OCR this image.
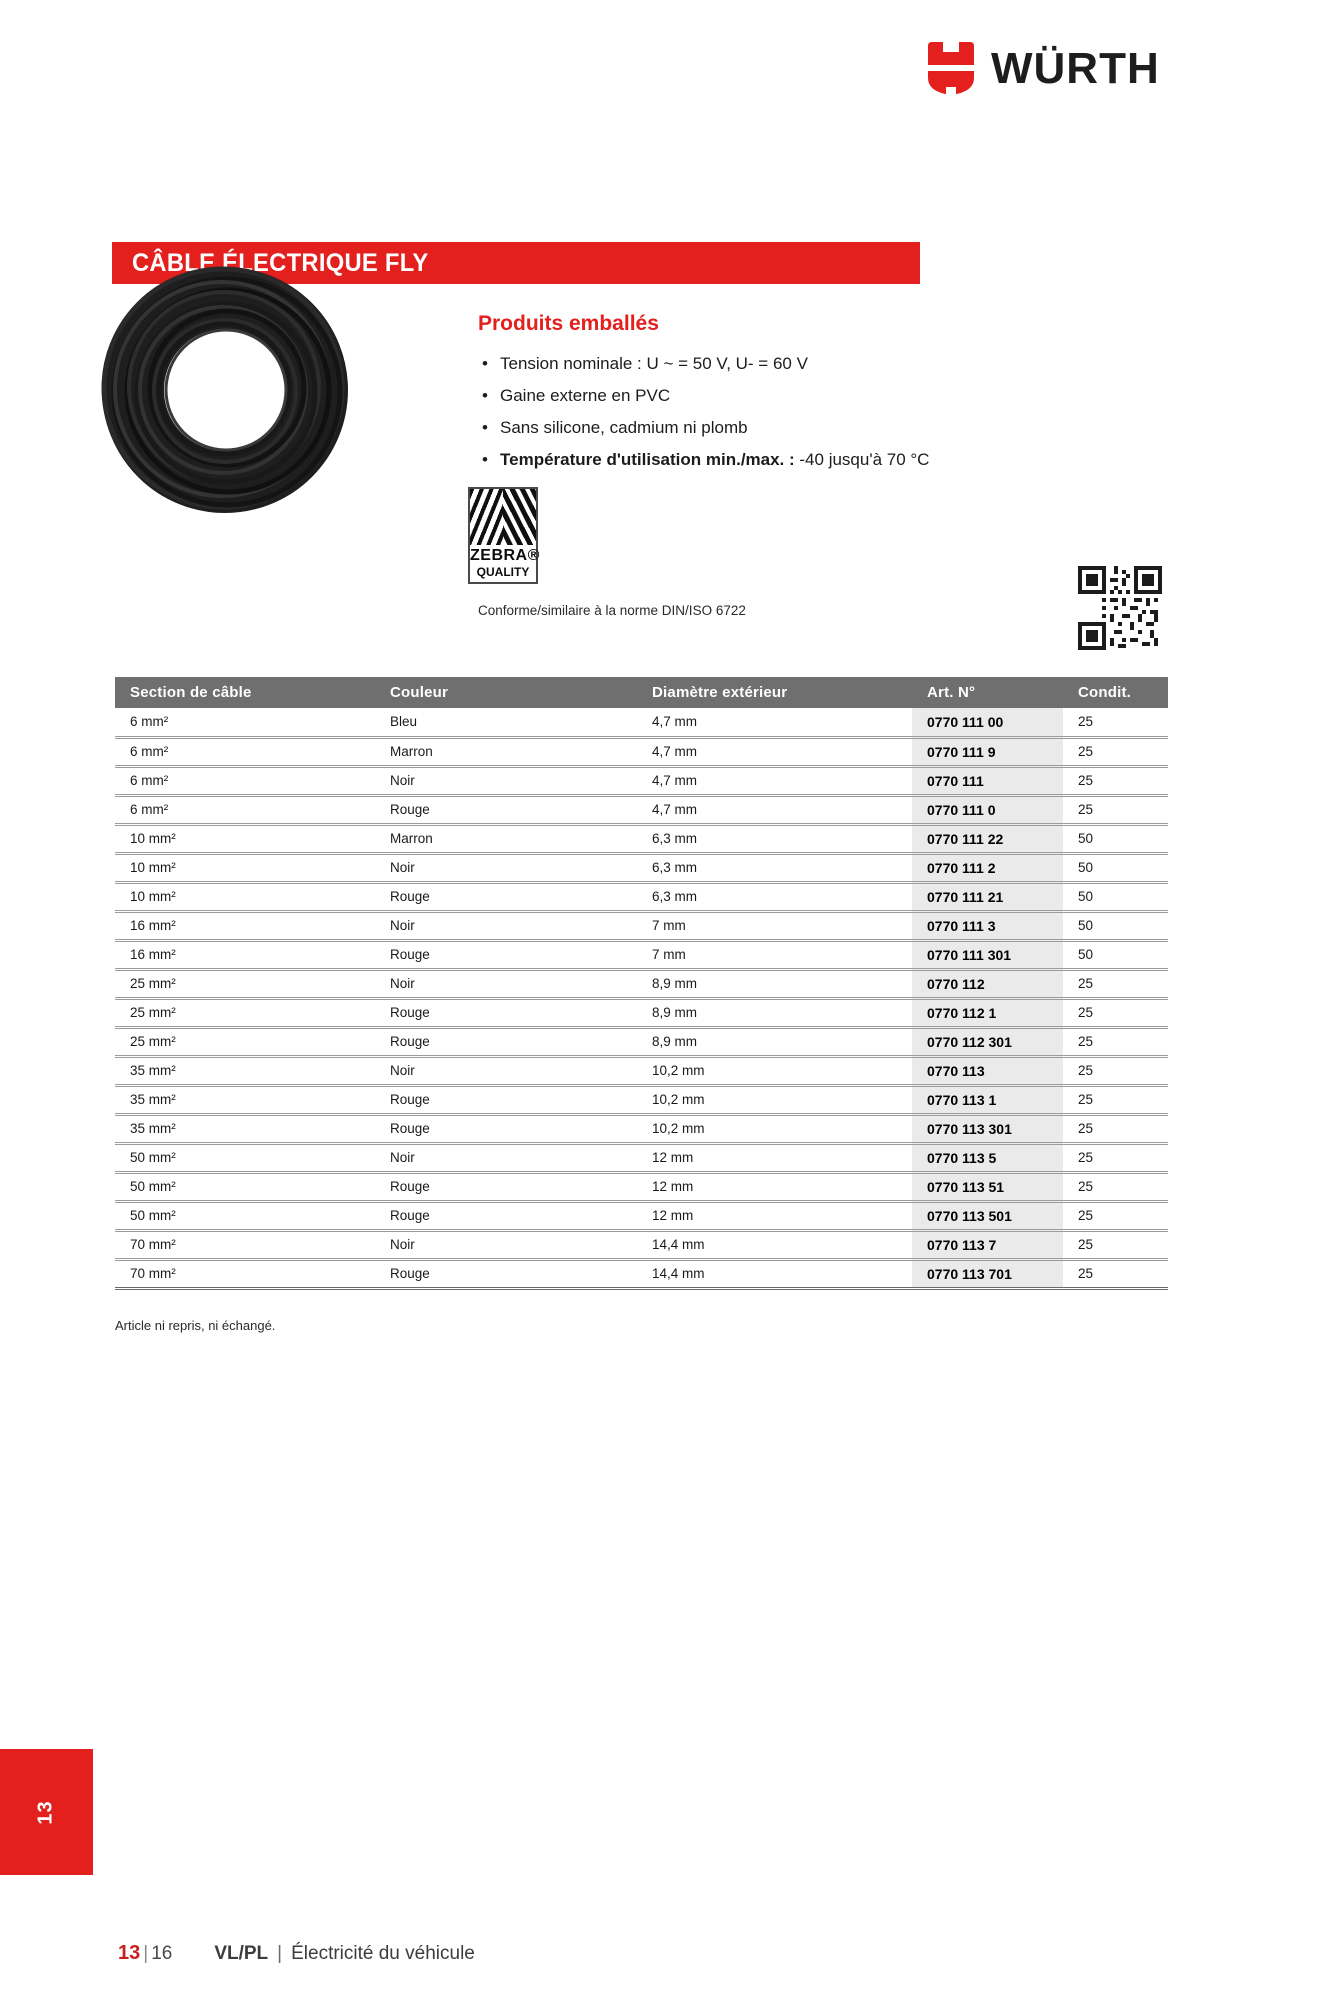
WÜRTH
CÂBLE ÉLECTRIQUE FLY
Produits emballés
• Tension nominale : U ~ = 50 V, U- = 60 V
• Gaine externe en PVC
• Sans silicone, cadmium ni plomb
• Température d'utilisation min./max. : -40 jusqu'à 70 °C
ZEBRA®
QUALITY
Conforme/similaire à la norme DIN/ISO 6722
Section de câble	Couleur	Diamètre extérieur	Art. N°	Condit.
6 mm²	Bleu	4,7 mm	0770 111 00	25
6 mm²	Marron	4,7 mm	0770 111 9	25
6 mm²	Noir	4,7 mm	0770 111	25
6 mm²	Rouge	4,7 mm	0770 111 0	25
10 mm²	Marron	6,3 mm	0770 111 22	50
10 mm²	Noir	6,3 mm	0770 111 2	50
10 mm²	Rouge	6,3 mm	0770 111 21	50
16 mm²	Noir	7 mm	0770 111 3	50
16 mm²	Rouge	7 mm	0770 111 301	50
25 mm²	Noir	8,9 mm	0770 112	25
25 mm²	Rouge	8,9 mm	0770 112 1	25
25 mm²	Rouge	8,9 mm	0770 112 301	25
35 mm²	Noir	10,2 mm	0770 113	25
35 mm²	Rouge	10,2 mm	0770 113 1	25
35 mm²	Rouge	10,2 mm	0770 113 301	25
50 mm²	Noir	12 mm	0770 113 5	25
50 mm²	Rouge	12 mm	0770 113 51	25
50 mm²	Rouge	12 mm	0770 113 501	25
70 mm²	Noir	14,4 mm	0770 113 7	25
70 mm²	Rouge	14,4 mm	0770 113 701	25

Article ni repris, ni échangé.

13
13 | 16 VL/PL | Électricité du véhicule
